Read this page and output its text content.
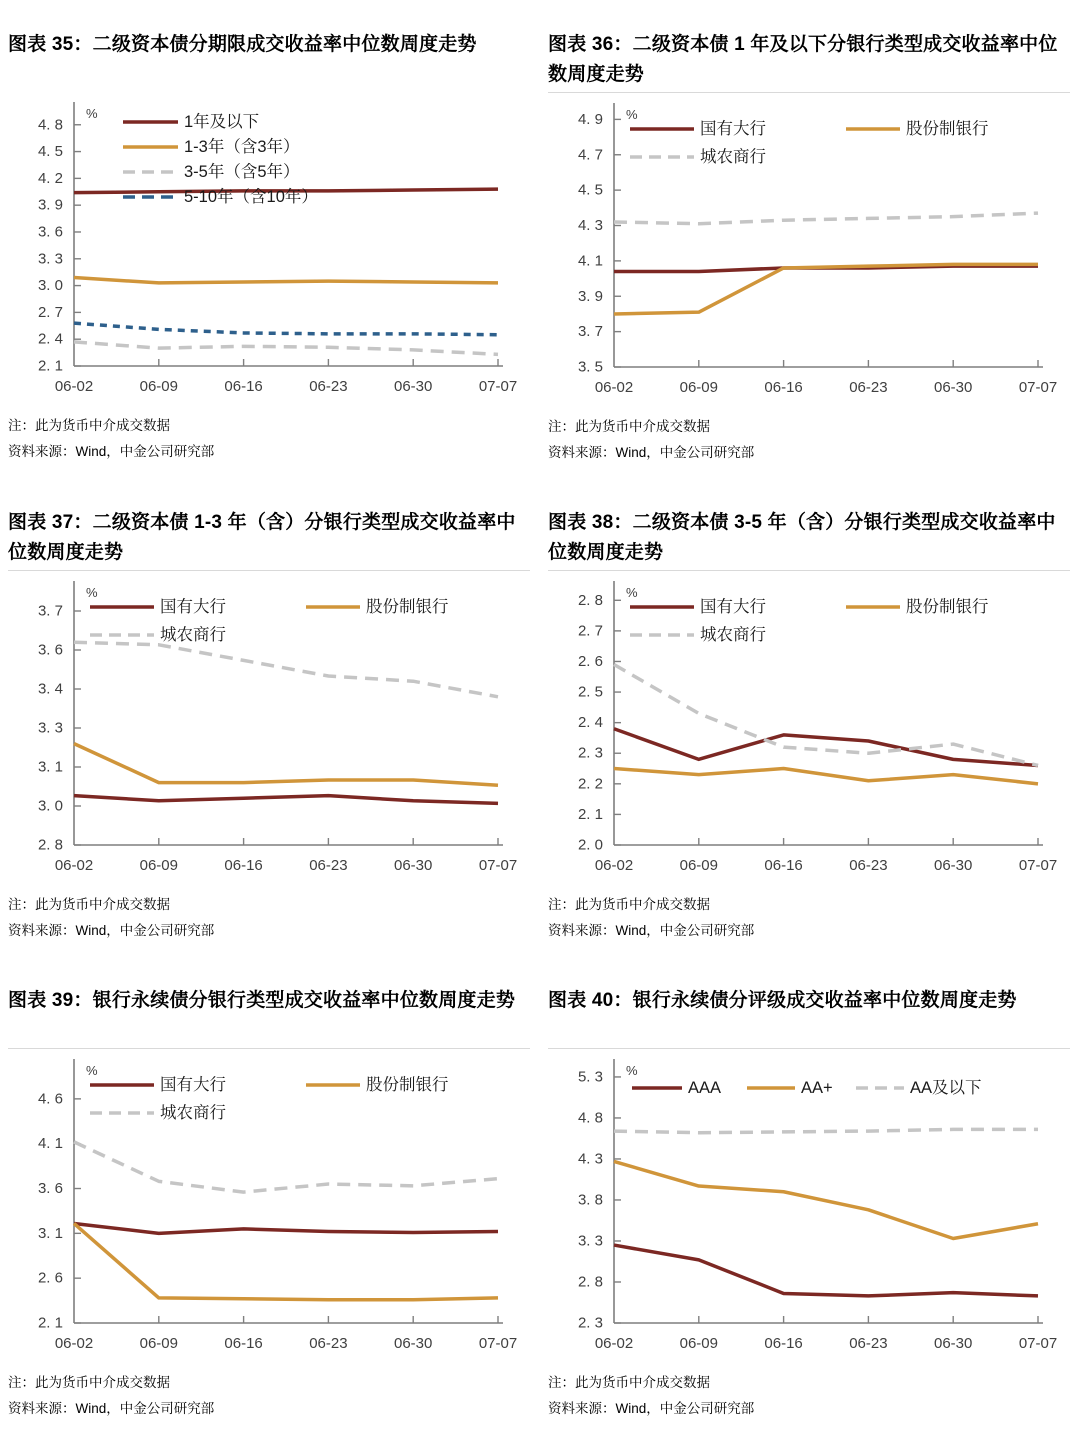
图表 35：二级资本债分期限成交收益率中位数周度走势
2. 1
2. 4
2. 7
3. 0
3. 3
3. 6
3. 9
4. 2
4. 5
4. 8
06-02	06-09	06-16	06-23	06-30	07-07
%	1年及以下
1-3年（含3年）
3-5年（含5年）
5-10年（含10年）

注：此为货币中介成交数据

资料来源：Wind，中金公司研究部

图表 36：二级资本债 1 年及以下分银行类型成交收益率中位数周度走势
3. 5
3. 7
3. 9
4. 1
4. 3
4. 5
4. 7
4. 9
06-02	06-09	06-16	06-23	06-30	07-07
%
国有大行	股份制银行
城农商行

注：此为货币中介成交数据

资料来源：Wind，中金公司研究部

图表 37：二级资本债 1-3 年（含）分银行类型成交收益率中位数周度走势
2. 8
3. 0
3. 1
3. 3
3. 4
3. 6
3. 7
06-02	06-09	06-16	06-23	06-30	07-07
%
国有大行	股份制银行
城农商行

注：此为货币中介成交数据

资料来源：Wind，中金公司研究部

图表 38：二级资本债 3-5 年（含）分银行类型成交收益率中位数周度走势
2. 0
2. 1
2. 2
2. 3
2. 4
2. 5
2. 6
2. 7
2. 8
06-02	06-09	06-16	06-23	06-30	07-07
%
国有大行	股份制银行
城农商行

注：此为货币中介成交数据

资料来源：Wind，中金公司研究部

图表 39：银行永续债分银行类型成交收益率中位数周度走势
2. 1
2. 6
3. 1
3. 6
4. 1
4. 6
06-02	06-09	06-16	06-23	06-30	07-07
%
国有大行	股份制银行
城农商行

注：此为货币中介成交数据

资料来源：Wind，中金公司研究部

图表 40：银行永续债分评级成交收益率中位数周度走势
2. 3
2. 8
3. 3
3. 8
4. 3
4. 8
5. 3
06-02	06-09	06-16	06-23	06-30	07-07
%
AAA	AA+	AA及以下

注：此为货币中介成交数据

资料来源：Wind，中金公司研究部
